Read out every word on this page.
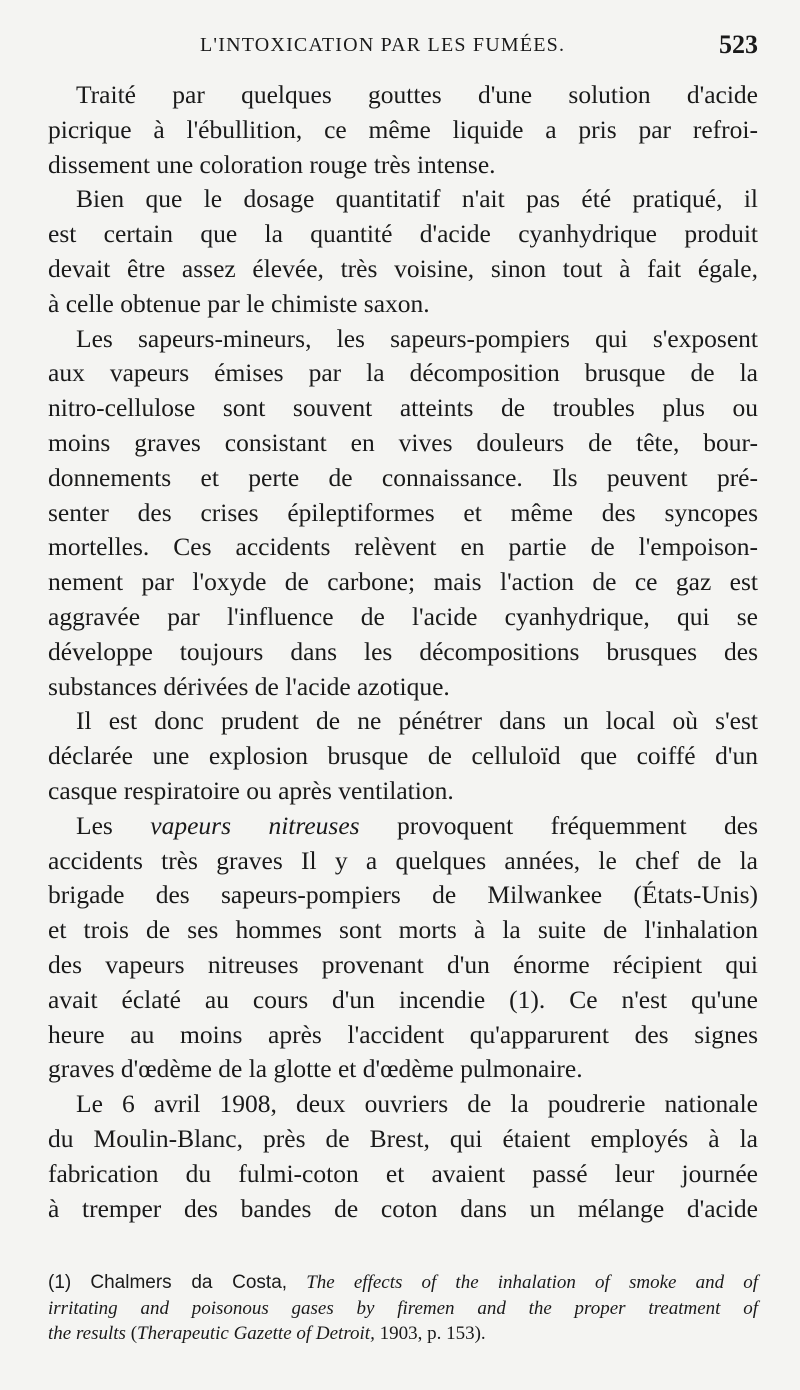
L'INTOXICATION PAR LES FUMÉES.	523
Traité par quelques gouttes d'une solution d'acide
picrique à l'ébullition, ce même liquide a pris par refroi-
dissement une coloration rouge très intense.
Bien que le dosage quantitatif n'ait pas été pratiqué, il
est certain que la quantité d'acide cyanhydrique produit
devait être assez élevée, très voisine, sinon tout à fait égale,
à celle obtenue par le chimiste saxon.
Les sapeurs-mineurs, les sapeurs-pompiers qui s'exposent
aux vapeurs émises par la décomposition brusque de la
nitro-cellulose sont souvent atteints de troubles plus ou
moins graves consistant en vives douleurs de tête, bour-
donnements et perte de connaissance. Ils peuvent pré-
senter des crises épileptiformes et même des syncopes
mortelles. Ces accidents relèvent en partie de l'empoison-
nement par l'oxyde de carbone; mais l'action de ce gaz est
aggravée par l'influence de l'acide cyanhydrique, qui se
développe toujours dans les décompositions brusques des
substances dérivées de l'acide azotique.
Il est donc prudent de ne pénétrer dans un local où s'est
déclarée une explosion brusque de celluloïd que coiffé d'un
casque respiratoire ou après ventilation.
Les vapeurs nitreuses provoquent fréquemment des
accidents très graves Il y a quelques années, le chef de la
brigade des sapeurs-pompiers de Milwankee (États-Unis)
et trois de ses hommes sont morts à la suite de l'inhalation
des vapeurs nitreuses provenant d'un énorme récipient qui
avait éclaté au cours d'un incendie (1). Ce n'est qu'une
heure au moins après l'accident qu'apparurent des signes
graves d'œdème de la glotte et d'œdème pulmonaire.
Le 6 avril 1908, deux ouvriers de la poudrerie nationale
du Moulin-Blanc, près de Brest, qui étaient employés à la
fabrication du fulmi-coton et avaient passé leur journée
à tremper des bandes de coton dans un mélange d'acide
(1) Chalmers da Costa, The effects of the inhalation of smoke and of
irritating and poisonous gases by firemen and the proper treatment of
the results (Therapeutic Gazette of Detroit, 1903, p. 153).
